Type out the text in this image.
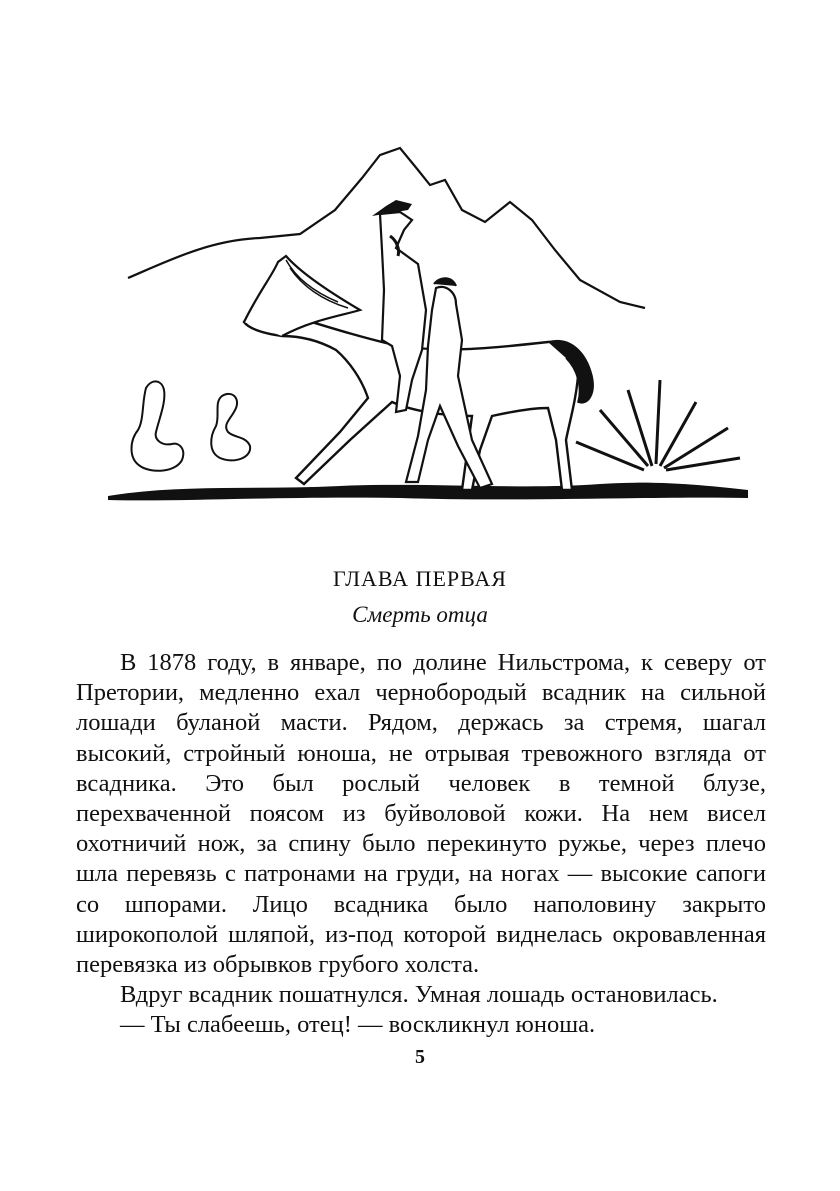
ГЛАВА ПЕРВАЯ
Смерть отца

В 1878 году, в январе, по долине Нильстрома, к северу от Претории, медленно ехал чернобородый всадник на сильной лошади буланой масти. Рядом, держась за стремя, шагал высокий, стройный юноша, не отрывая тревожного взгляда от всадника. Это был рослый человек в темной блузе, перехваченной поясом из буйволовой кожи. На нем висел охотничий нож, за спину было перекинуто ружье, через плечо шла перевязь с патронами на груди, на ногах — высокие сапоги со шпорами. Лицо всадника было наполовину закрыто широкополой шляпой, из-под которой виднелась окровавленная перевязка из обрывков грубого холста.

Вдруг всадник пошатнулся. Умная лошадь остановилась.

— Ты слабеешь, отец! — воскликнул юноша.

5
